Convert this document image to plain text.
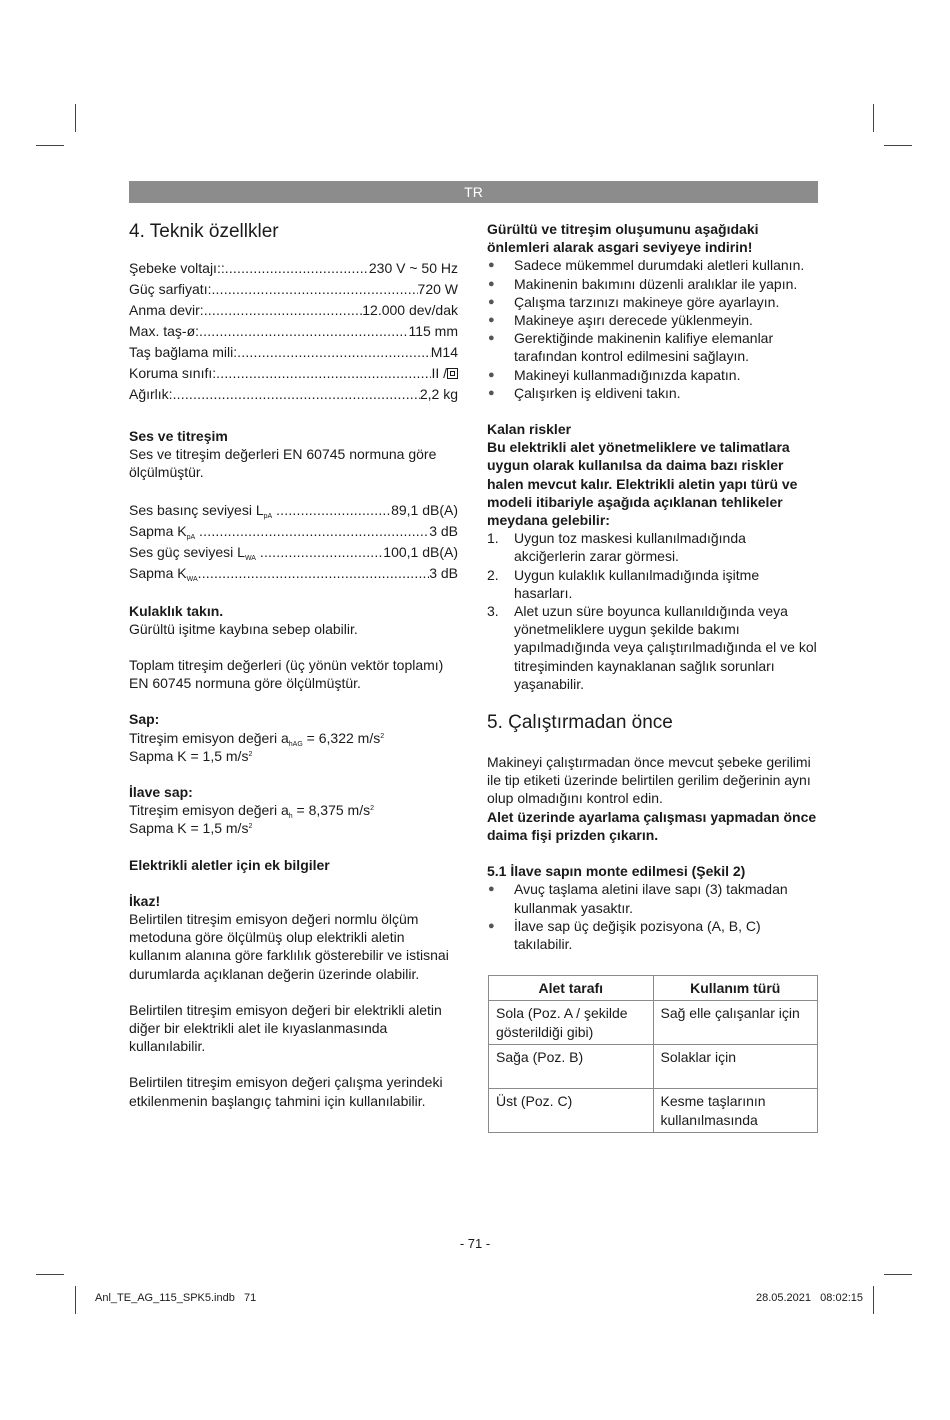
TR
4. Teknik özellkler
Şebeke voltajı:: .....	230 V ~ 50 Hz
Güç sarfiyatı: .....	720 W
Anma devir: .....	12.000 dev/dak
Max. taş-ø: .....	115 mm
Taş bağlama mili: .....	M14
Koruma sınıfı: .....	II /
Ağırlık: .....	2,2 kg

Ses ve titreşim

Ses ve titreşim değerleri EN 60745 normuna göre ölçülmüştür.

Ses basınç seviyesi $L_{pA}$ .....	89,1 dB(A)
Sapma $K_{pA}$ .....	3 dB
Ses güç seviyesi $L_{WA}$ .....	100,1 dB(A)
Sapma $K_{WA}$ .....	3 dB

Kulaklık takın.

Gürültü işitme kaybına sebep olabilir.

Toplam titreşim değerleri (üç yönün vektör toplamı) EN 60745 normuna göre ölçülmüştür.

Sap:

Titreşim emisyon değeri $a_{hAG} = 6,322$ $m/s^2$

Sapma K = 1,5 $m/s^2$

İlave sap:

Titreşim emisyon değeri $a_h = 8,375$ $m/s^2$

Sapma K = 1,5 $m/s^2$

Elektrikli aletler için ek bilgiler

İkaz!

Belirtilen titreşim emisyon değeri normlu ölçüm metoduna göre ölçülmüş olup elektrikli aletin kullanım alanına göre farklılık gösterebilir ve istisnai durumlarda açıklanan değerin üzerinde olabilir.

Belirtilen titreşim emisyon değeri bir elektrikli aletin diğer bir elektrikli alet ile kıyaslanmasında kullanılabilir.

Belirtilen titreşim emisyon değeri çalışma yerindeki etkilenmenin başlangıç tahmini için kullanılabilir.

Gürültü ve titreşim oluşumunu aşağıdaki önlemleri alarak asgari seviyeye indirin!

● Sadece mükemmel durumdaki aletleri kullanın.
● Makinenin bakımını düzenli aralıklar ile yapın.
● Çalışma tarzınızı makineye göre ayarlayın.
● Makineye aşırı derecede yüklenmeyin.
● Gerektiğinde makinenin kalifiye elemanlar tarafından kontrol edilmesini sağlayın.
● Makineyi kullanmadığınızda kapatın.
● Çalışırken iş eldiveni takın.

Kalan riskler

Bu elektrikli alet yönetmeliklere ve talimatlara uygun olarak kullanılsa da daima bazı riskler halen mevcut kalır. Elektrikli aletin yapı türü ve modeli itibariyle aşağıda açıklanan tehlikeler meydana gelebilir:

1. Uygun toz maskesi kullanılmadığında akciğerlerin zarar görmesi.
2. Uygun kulaklık kullanılmadığında işitme hasarları.
3. Alet uzun süre boyunca kullanıldığında veya yönetmeliklere uygun şekilde bakımı yapılmadığında veya çalıştırılmadığında el ve kol titreşiminden kaynaklanan sağlık sorunları yaşanabilir.
5. Çalıştırmadan önce

Makineyi çalıştırmadan önce mevcut şebeke gerilimi ile tip etiketi üzerinde belirtilen gerilim değerinin aynı olup olmadığını kontrol edin.

Alet üzerinde ayarlama çalışması yapmadan önce daima fişi prizden çıkarın.

5.1 İlave sapın monte edilmesi (Şekil 2)

● Avuç taşlama aletini ilave sapı (3) takmadan kullanmak yasaktır.
● İlave sap üç değişik pozisyona (A, B, C) takılabilir.
Alet tarafı	Kullanım türü
Sola (Poz. A / şekilde gösterildiği gibi)	Sağ elle çalışanlar için
Sağa (Poz. B)	Solaklar için
Üst (Poz. C)	Kesme taşlarının kullanılmasında
- 71 -
Anl_TE_AG_115_SPK5.indb   71	28.05.2021   08:02:15
